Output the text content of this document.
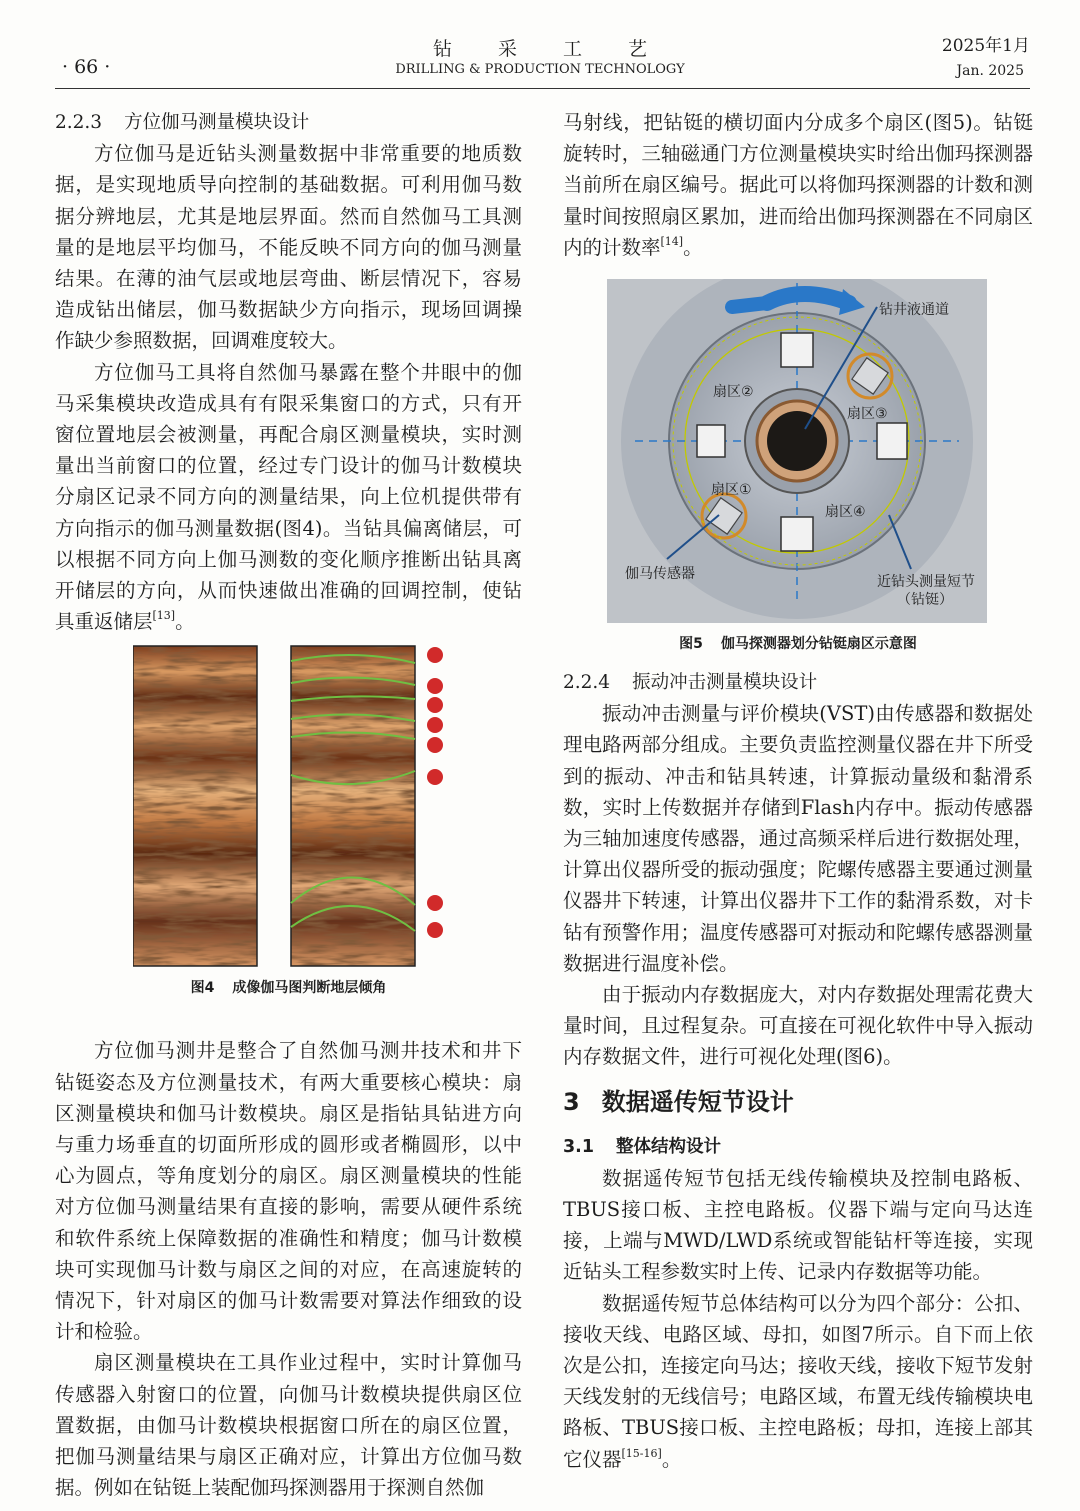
· 66 ·
钻采工艺
DRILLING & PRODUCTION TECHNOLOGY
2025年1月
Jan. 2025
2.2.3 方位伽马测量模块设计

方位伽马是近钻头测量数据中非常重要的地质数据，是实现地质导向控制的基础数据。可利用伽马数据分辨地层，尤其是地层界面。然而自然伽马工具测量的是地层平均伽马，不能反映不同方向的伽马测量结果。在薄的油气层或地层弯曲、断层情况下，容易造成钻出储层，伽马数据缺少方向指示，现场回调操作缺少参照数据，回调难度较大。

方位伽马工具将自然伽马暴露在整个井眼中的伽马采集模块改造成具有有限采集窗口的方式，只有开窗位置地层会被测量，再配合扇区测量模块，实时测量出当前窗口的位置，经过专门设计的伽马计数模块分扇区记录不同方向的测量结果，向上位机提供带有方向指示的伽马测量数据(图4)。当钻具偏离储层，可以根据不同方向上伽马测数的变化顺序推断出钻具离开储层的方向，从而快速做出准确的回调控制，使钻具重返储层[13]。

图4 成像伽马图判断地层倾角

方位伽马测井是整合了自然伽马测井技术和井下钻铤姿态及方位测量技术，有两大重要核心模块：扇区测量模块和伽马计数模块。扇区是指钻具钻进方向与重力场垂直的切面所形成的圆形或者椭圆形，以中心为圆点，等角度划分的扇区。扇区测量模块的性能对方位伽马测量结果有直接的影响，需要从硬件系统和软件系统上保障数据的准确性和精度；伽马计数模块可实现伽马计数与扇区之间的对应，在高速旋转的情况下，针对扇区的伽马计数需要对算法作细致的设计和检验。

扇区测量模块在工具作业过程中，实时计算伽马传感器入射窗口的位置，向伽马计数模块提供扇区位置数据，由伽马计数模块根据窗口所在的扇区位置，把伽马测量结果与扇区正确对应，计算出方位伽马数据。例如在钻铤上装配伽玛探测器用于探测自然伽

马射线，把钻铤的横切面内分成多个扇区(图5)。钻铤旋转时，三轴磁通门方位测量模块实时给出伽玛探测器当前所在扇区编号。据此可以将伽玛探测器的计数和测量时间按照扇区累加，进而给出伽玛探测器在不同扇区内的计数率[14]。

钻井液通道
扇区②
扇区③
扇区①
扇区④
伽马传感器	近钻头测量短节
（钻铤）
图5 伽马探测器划分钻铤扇区示意图
2.2.4 振动冲击测量模块设计

振动冲击测量与评价模块(VST)由传感器和数据处理电路两部分组成。主要负责监控测量仪器在井下所受到的振动、冲击和钻具转速，计算振动量级和黏滑系数，实时上传数据并存储到Flash内存中。振动传感器为三轴加速度传感器，通过高频采样后进行数据处理，计算出仪器所受的振动强度；陀螺传感器主要通过测量仪器井下转速，计算出仪器井下工作的黏滑系数，对卡钻有预警作用；温度传感器可对振动和陀螺传感器测量数据进行温度补偿。

由于振动内存数据庞大，对内存数据处理需花费大量时间，且过程复杂。可直接在可视化软件中导入振动内存数据文件，进行可视化处理(图6)。

3 数据遥传短节设计
3.1 整体结构设计

数据遥传短节包括无线传输模块及控制电路板、TBUS接口板、主控电路板。仪器下端与定向马达连接，上端与MWD/LWD系统或智能钻杆等连接，实现近钻头工程参数实时上传、记录内存数据等功能。

数据遥传短节总体结构可以分为四个部分：公扣、接收天线、电路区域、母扣，如图7所示。自下而上依次是公扣，连接定向马达；接收天线，接收下短节发射天线发射的无线信号；电路区域，布置无线传输模块电路板、TBUS接口板、主控电路板；母扣，连接上部其它仪器[15-16]。
